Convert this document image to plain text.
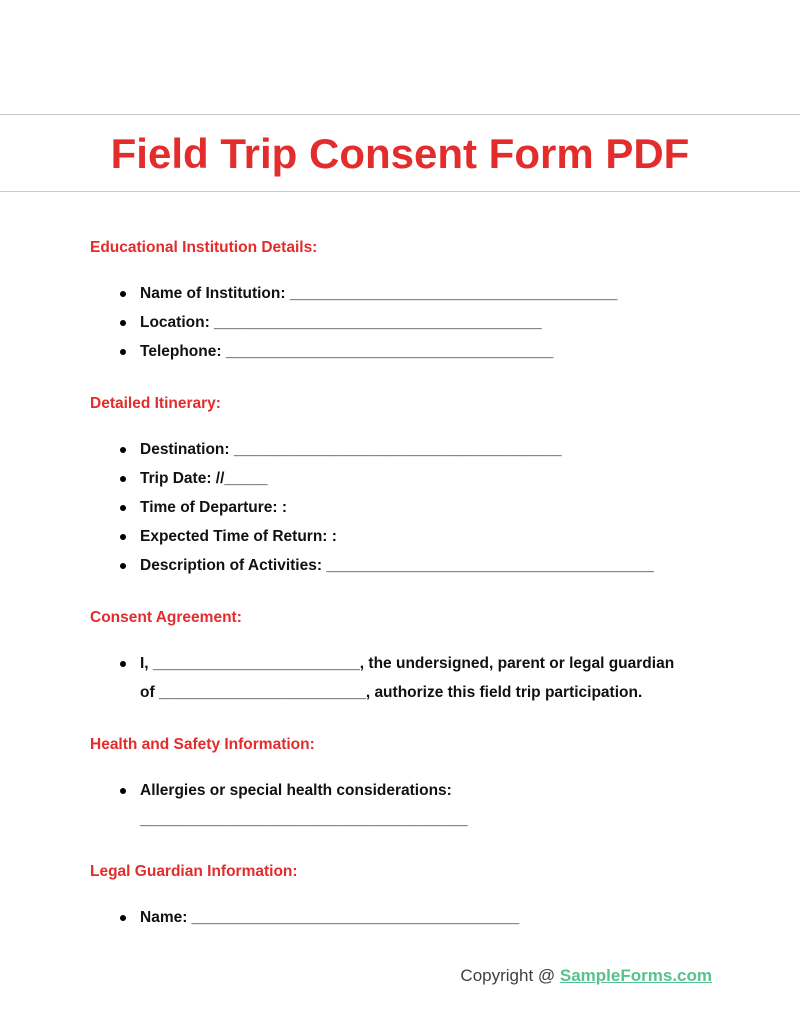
Field Trip Consent Form PDF
Educational Institution Details:
Name of Institution: ______________________________________
Location: ______________________________________
Telephone: ______________________________________
Detailed Itinerary:
Destination: ______________________________________
Trip Date: //_____
Time of Departure: :
Expected Time of Return: :
Description of Activities: ______________________________________
Consent Agreement:
I, ________________________, the undersigned, parent or legal guardian
of ________________________, authorize this field trip participation.
Health and Safety Information:
Allergies or special health considerations:
______________________________________
Legal Guardian Information:
Name: ______________________________________
Copyright @ SampleForms.com
